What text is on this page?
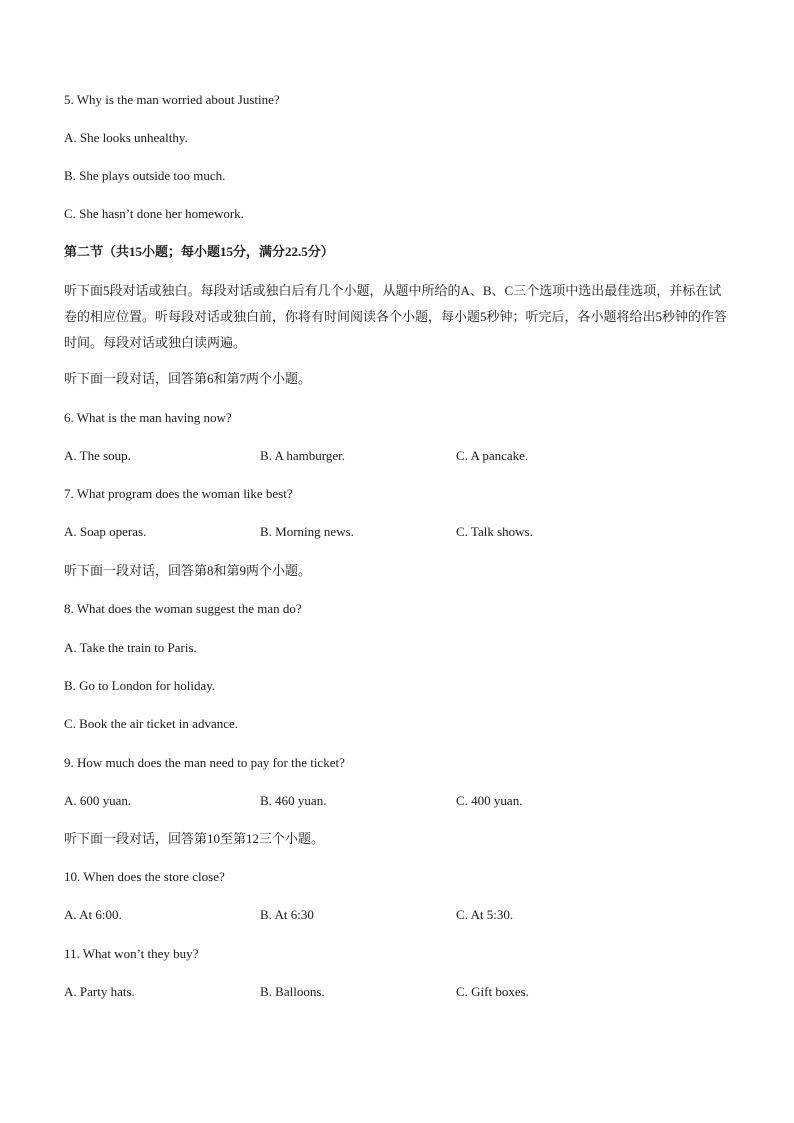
5. Why is the man worried about Justine?
A. She looks unhealthy.
B. She plays outside too much.
C. She hasn’t done her homework.
第二节（共15小题；每小题15分，满分22.5分）
听下面5段对话或独白。每段对话或独白后有几个小题，从题中所给的A、B、C三个选项中选出最佳选项，并标在试卷的相应位置。听每段对话或独白前，你将有时间阅读各个小题，每小题5秒钟；听完后，各小题将给出5秒钟的作答时间。每段对话或独白读两遍。
听下面一段对话，回答第6和第7两个小题。
6. What is the man having now?
A. The soup.	B. A hamburger.	C. A pancake.
7. What program does the woman like best?
A. Soap operas.	B. Morning news.	C. Talk shows.
听下面一段对话，回答第8和第9两个小题。
8. What does the woman suggest the man do?
A. Take the train to Paris.
B. Go to London for holiday.
C. Book the air ticket in advance.
9. How much does the man need to pay for the ticket?
A. 600 yuan.	B. 460 yuan.	C. 400 yuan.
听下面一段对话，回答第10至第12三个小题。
10. When does the store close?
A. At 6:00.	B. At 6:30	C. At 5:30.
11. What won’t they buy?
A. Party hats.	B. Balloons.	C. Gift boxes.
